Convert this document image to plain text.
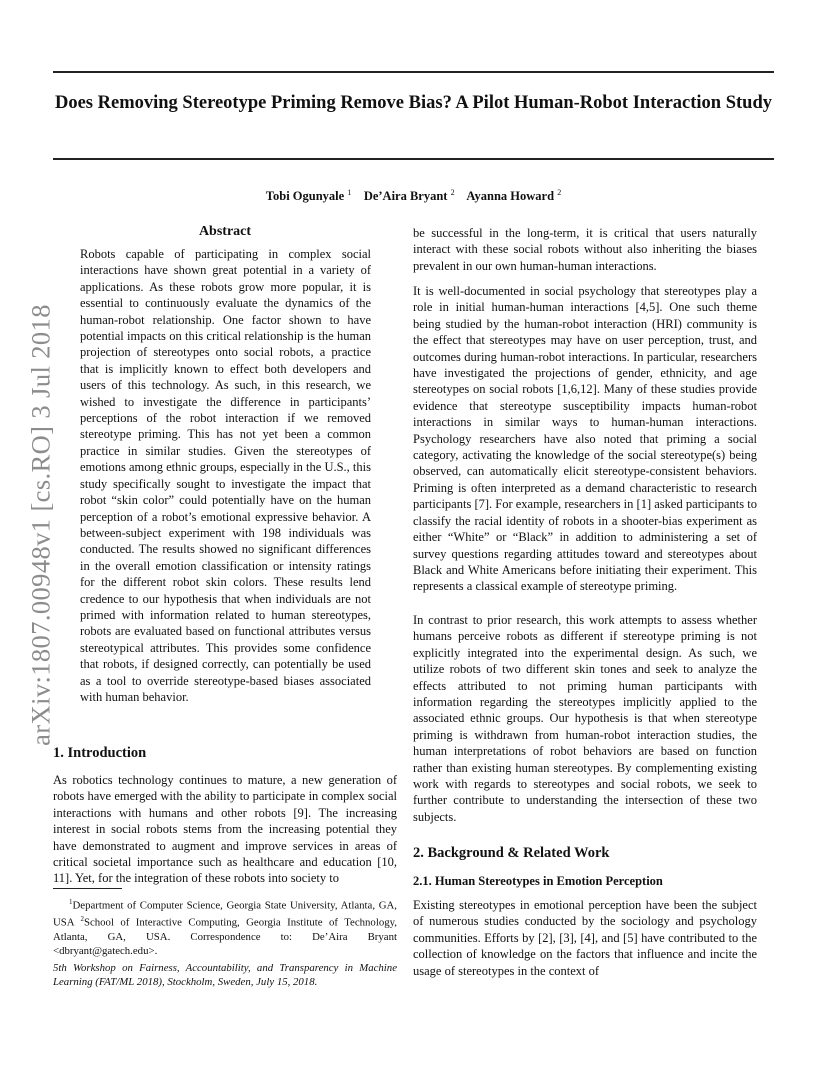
Does Removing Stereotype Priming Remove Bias? A Pilot Human-Robot Interaction Study
Tobi Ogunyale $^1$ De’Aira Bryant $^2$ Ayanna Howard $^2$
arXiv:1807.00948v1 [cs.RO] 3 Jul 2018
Abstract

Robots capable of participating in complex social interactions have shown great potential in a variety of applications. As these robots grow more popular, it is essential to continuously evaluate the dynamics of the human-robot relationship. One factor shown to have potential impacts on this critical relationship is the human projection of stereotypes onto social robots, a practice that is implicitly known to effect both developers and users of this technology. As such, in this research, we wished to investigate the difference in participants’ perceptions of the robot interaction if we removed stereotype priming. This has not yet been a common practice in similar studies. Given the stereotypes of emotions among ethnic groups, especially in the U.S., this study specifically sought to investigate the impact that robot “skin color” could potentially have on the human perception of a robot’s emotional expressive behavior. A between-subject experiment with 198 individuals was conducted. The results showed no significant differences in the overall emotion classification or intensity ratings for the different robot skin colors. These results lend credence to our hypothesis that when individuals are not primed with information related to human stereotypes, robots are evaluated based on functional attributes versus stereotypical attributes. This provides some confidence that robots, if designed correctly, can potentially be used as a tool to override stereotype-based biases associated with human behavior.

1. Introduction

As robotics technology continues to mature, a new generation of robots have emerged with the ability to participate in complex social interactions with humans and other robots [9]. The increasing interest in social robots stems from the increasing potential they have demonstrated to augment and improve services in areas of critical societal importance such as healthcare and education [10, 11]. Yet, for the integration of these robots into society to

$^1$Department of Computer Science, Georgia State University, Atlanta, GA, USA $^2$School of Interactive Computing, Georgia Institute of Technology, Atlanta, GA, USA. Correspondence to: De’Aira Bryant <dbryant@gatech.edu>.

5th Workshop on Fairness, Accountability, and Transparency in Machine Learning (FAT/ML 2018), Stockholm, Sweden, July 15, 2018.

be successful in the long-term, it is critical that users naturally interact with these social robots without also inheriting the biases prevalent in our own human-human interactions.

It is well-documented in social psychology that stereotypes play a role in initial human-human interactions [4,5]. One such theme being studied by the human-robot interaction (HRI) community is the effect that stereotypes may have on user perception, trust, and outcomes during human-robot interactions. In particular, researchers have investigated the projections of gender, ethnicity, and age stereotypes on social robots [1,6,12]. Many of these studies provide evidence that stereotype susceptibility impacts human-robot interactions in similar ways to human-human interactions. Psychology researchers have also noted that priming a social category, activating the knowledge of the social stereotype(s) being observed, can automatically elicit stereotype-consistent behaviors. Priming is often interpreted as a demand characteristic to research participants [7]. For example, researchers in [1] asked participants to classify the racial identity of robots in a shooter-bias experiment as either “White” or “Black” in addition to administering a set of survey questions regarding attitudes toward and stereotypes about Black and White Americans before initiating their experiment. This represents a classical example of stereotype priming.

In contrast to prior research, this work attempts to assess whether humans perceive robots as different if stereotype priming is not explicitly integrated into the experimental design. As such, we utilize robots of two different skin tones and seek to analyze the effects attributed to not priming human participants with information regarding the stereotypes implicitly applied to the associated ethnic groups. Our hypothesis is that when stereotype priming is withdrawn from human-robot interaction studies, the human interpretations of robot behaviors are based on function rather than existing human stereotypes. By complementing existing work with regards to stereotypes and social robots, we seek to further contribute to understanding the intersection of these two subjects.

2. Background & Related Work
2.1. Human Stereotypes in Emotion Perception

Existing stereotypes in emotional perception have been the subject of numerous studies conducted by the sociology and psychology communities. Efforts by [2], [3], [4], and [5] have contributed to the collection of knowledge on the factors that influence and incite the usage of stereotypes in the context of
